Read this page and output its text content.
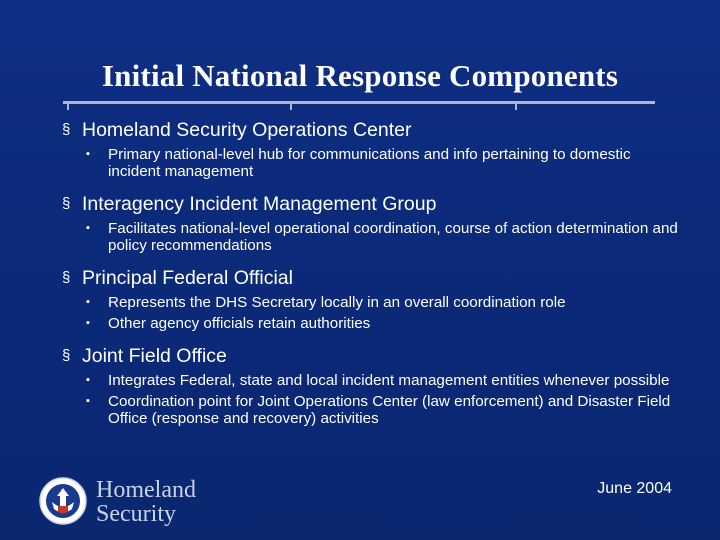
Initial National Response Components
§ Homeland Security Operations Center
▪ Primary national-level hub for communications and info pertaining to domestic incident management
§ Interagency Incident Management Group
▪ Facilitates national-level operational coordination, course of action determination and policy recommendations
§ Principal Federal Official
▪ Represents the DHS Secretary locally in an overall coordination role
▪ Other agency officials retain authorities
§ Joint Field Office
▪ Integrates Federal, state and local incident management entities whenever possible
▪ Coordination point for Joint Operations Center (law enforcement) and Disaster Field Office (response and recovery) activities
Homeland
Security
June 2004
